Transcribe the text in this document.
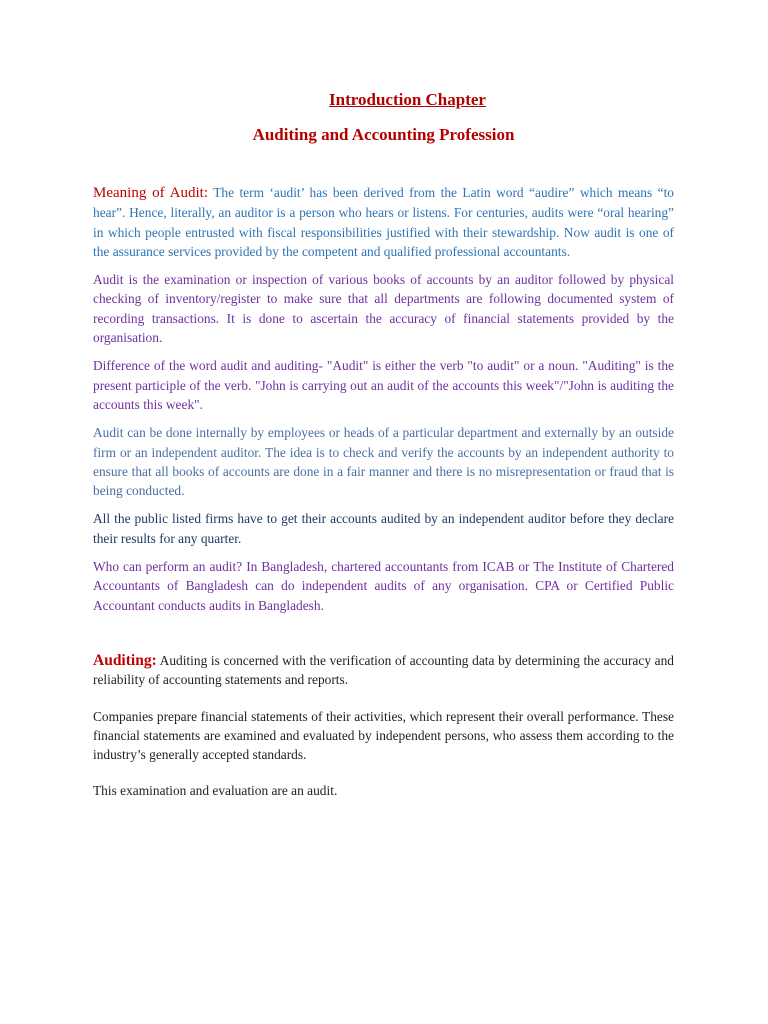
Introduction Chapter
Auditing and Accounting Profession

Meaning of Audit: The term ‘audit’ has been derived from the Latin word “audire” which means “to hear”. Hence, literally, an auditor is a person who hears or listens. For centuries, audits were “oral hearing” in which people entrusted with fiscal responsibilities justified with their stewardship. Now audit is one of the assurance services provided by the competent and qualified professional accountants.

Audit is the examination or inspection of various books of accounts by an auditor followed by physical checking of inventory/register to make sure that all departments are following documented system of recording transactions. It is done to ascertain the accuracy of financial statements provided by the organisation.

Difference of the word audit and auditing- "Audit" is either the verb "to audit" or a noun. "Auditing" is the present participle of the verb. "John is carrying out an audit of the accounts this week"/"John is auditing the accounts this week".

Audit can be done internally by employees or heads of a particular department and externally by an outside firm or an independent auditor. The idea is to check and verify the accounts by an independent authority to ensure that all books of accounts are done in a fair manner and there is no misrepresentation or fraud that is being conducted.

All the public listed firms have to get their accounts audited by an independent auditor before they declare their results for any quarter.

Who can perform an audit? In Bangladesh, chartered accountants from ICAB or The Institute of Chartered Accountants of Bangladesh can do independent audits of any organisation. CPA or Certified Public Accountant conducts audits in Bangladesh.

Auditing: Auditing is concerned with the verification of accounting data by determining the accuracy and reliability of accounting statements and reports.

Companies prepare financial statements of their activities, which represent their overall performance. These financial statements are examined and evaluated by independent persons, who assess them according to the industry’s generally accepted standards.

This examination and evaluation are an audit.
